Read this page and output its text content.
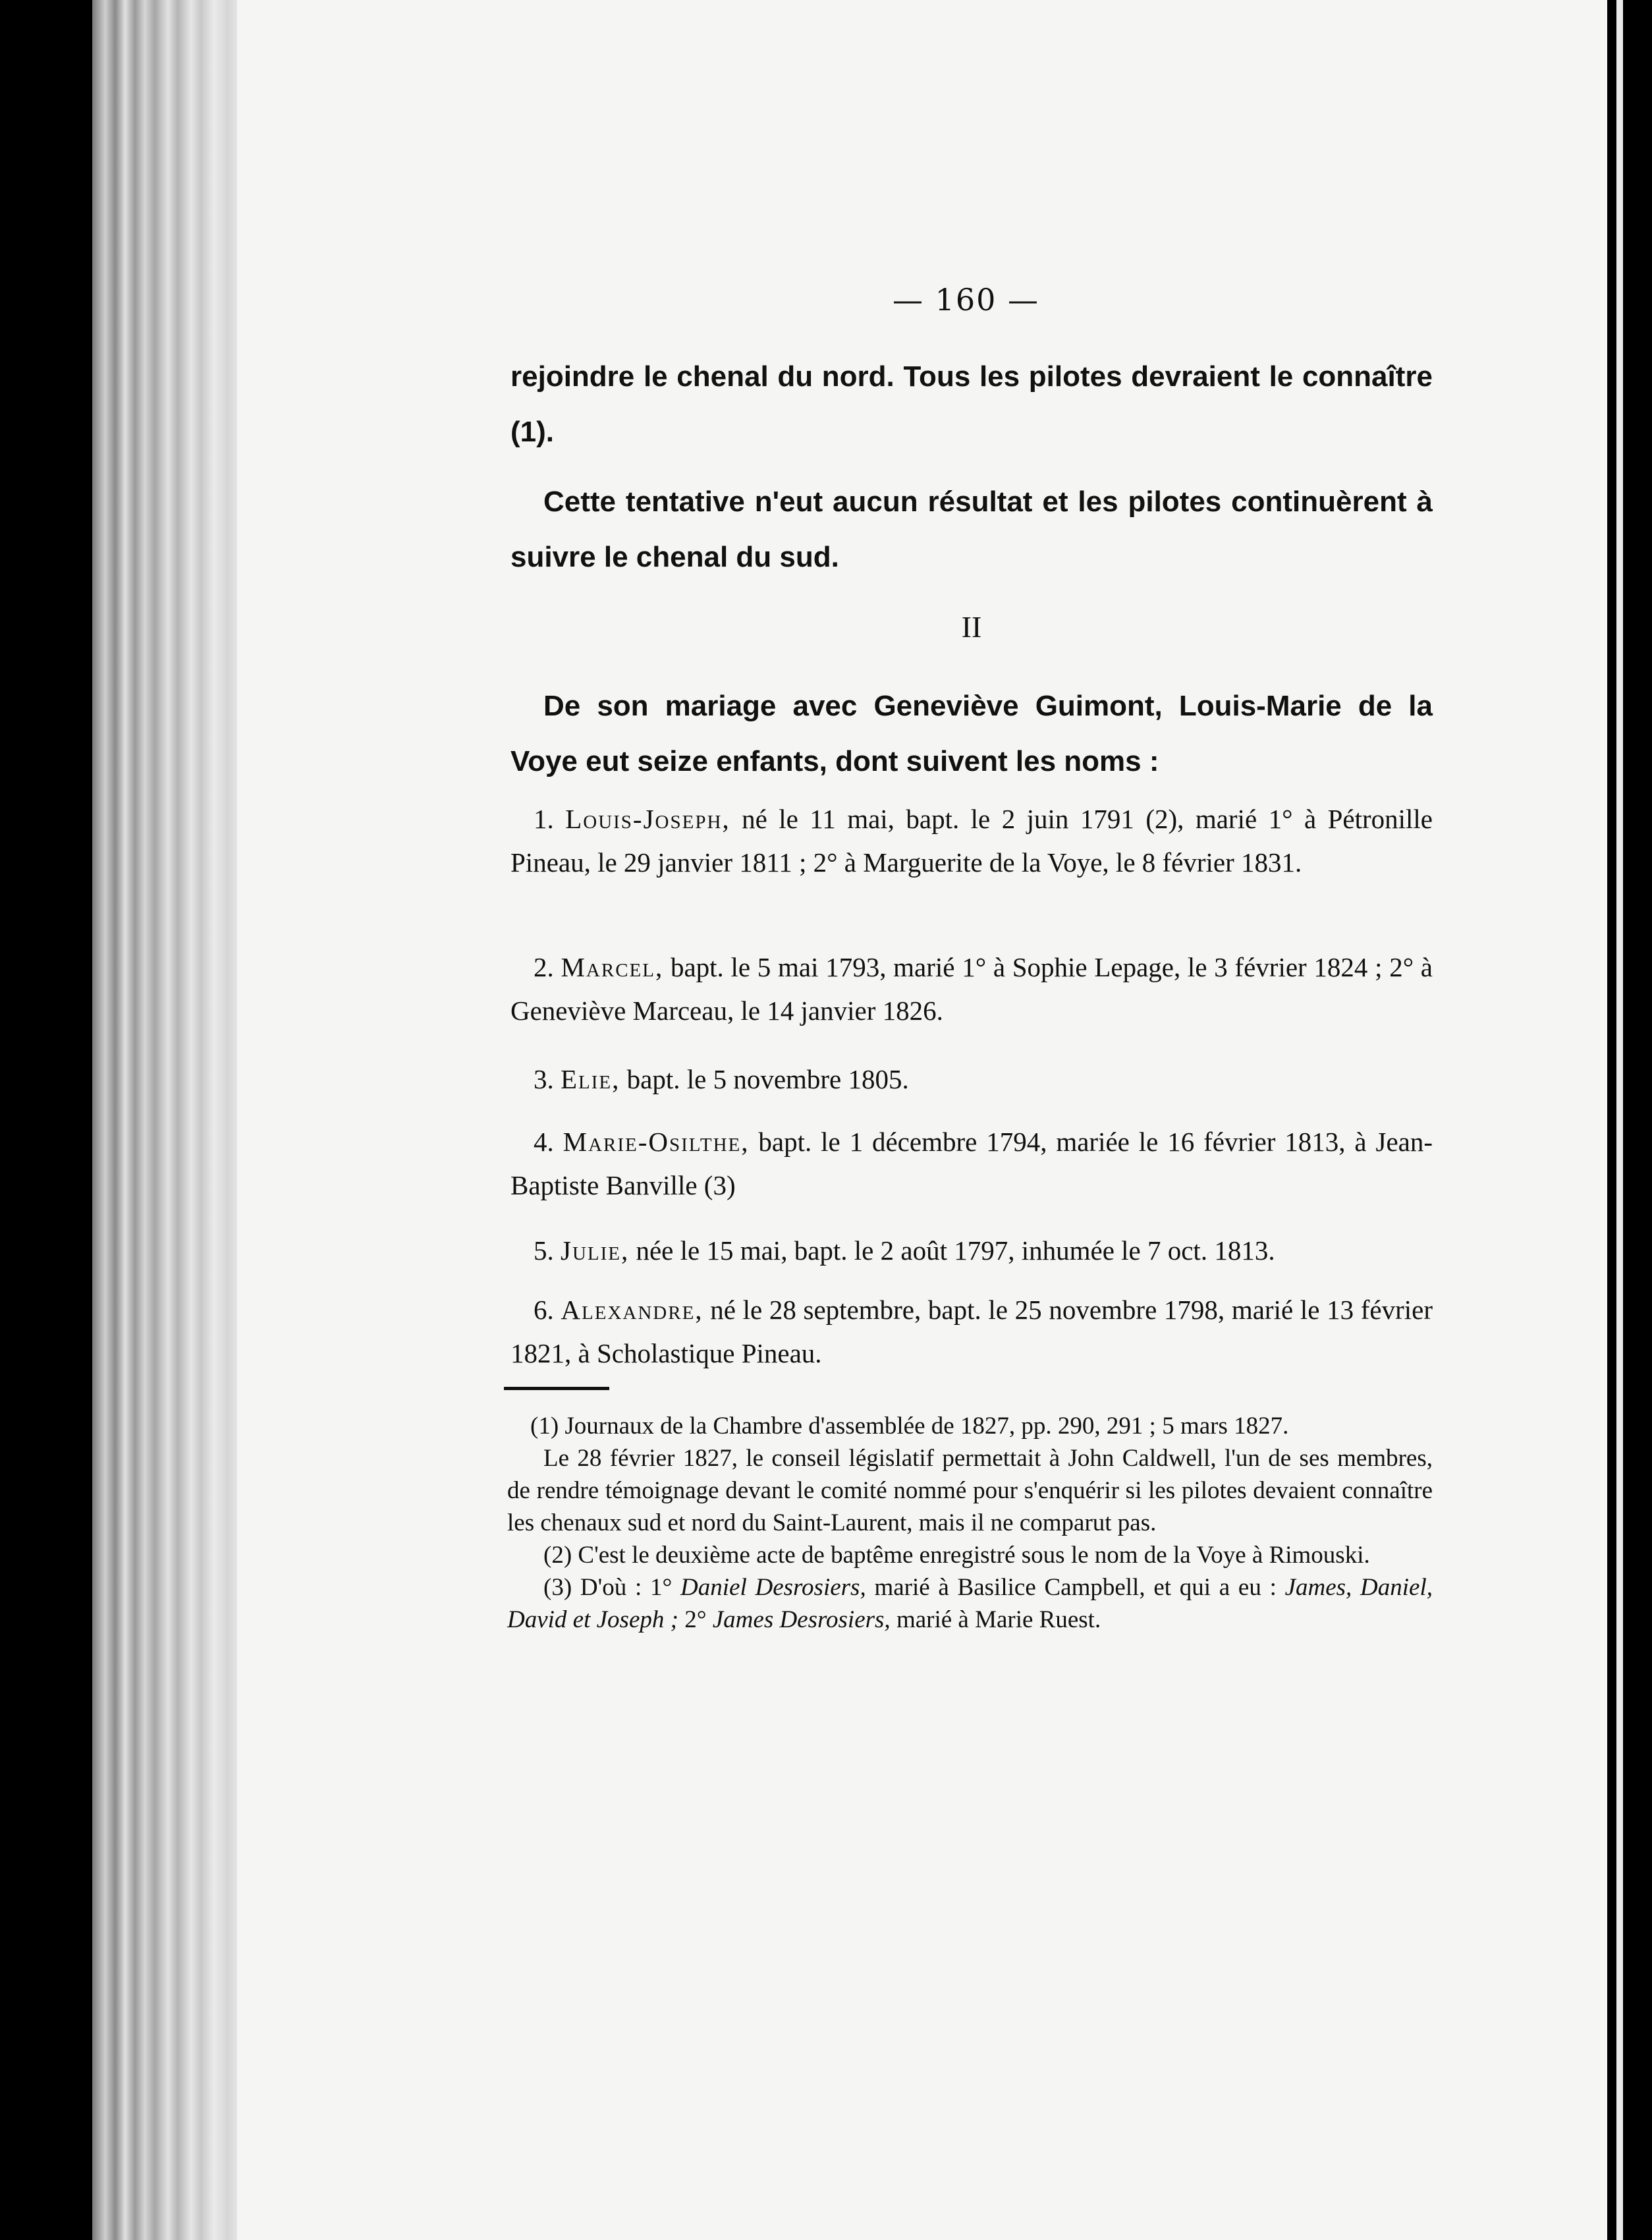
— 160 —

rejoindre le chenal du nord. Tous les pilotes devraient le connaître (1).

Cette tentative n'eut aucun résultat et les pilotes continuèrent à suivre le chenal du sud.

II

De son mariage avec Geneviève Guimont, Louis-Marie de la Voye eut seize enfants, dont suivent les noms :

1. Louis-Joseph, né le 11 mai, bapt. le 2 juin 1791 (2), marié 1° à Pétronille Pineau, le 29 janvier 1811 ; 2° à Marguerite de la Voye, le 8 février 1831.

2. Marcel, bapt. le 5 mai 1793, marié 1° à Sophie Lepage, le 3 février 1824 ; 2° à Geneviève Marceau, le 14 janvier 1826.

3. Elie, bapt. le 5 novembre 1805.

4. Marie-Osilthe, bapt. le 1 décembre 1794, mariée le 16 février 1813, à Jean-Baptiste Banville (3)

5. Julie, née le 15 mai, bapt. le 2 août 1797, inhumée le 7 oct. 1813.

6. Alexandre, né le 28 septembre, bapt. le 25 novembre 1798, marié le 13 février 1821, à Scholastique Pineau.

(1) Journaux de la Chambre d'assemblée de 1827, pp. 290, 291 ; 5 mars 1827.

Le 28 février 1827, le conseil législatif permettait à John Caldwell, l'un de ses membres, de rendre témoignage devant le comité nommé pour s'enquérir si les pilotes devaient connaître les chenaux sud et nord du Saint-Laurent, mais il ne comparut pas.

(2) C'est le deuxième acte de baptême enregistré sous le nom de la Voye à Rimouski.

(3) D'où : 1° Daniel Desrosiers, marié à Basilice Campbell, et qui a eu : James, Daniel, David et Joseph ; 2° James Desrosiers, marié à Marie Ruest.
